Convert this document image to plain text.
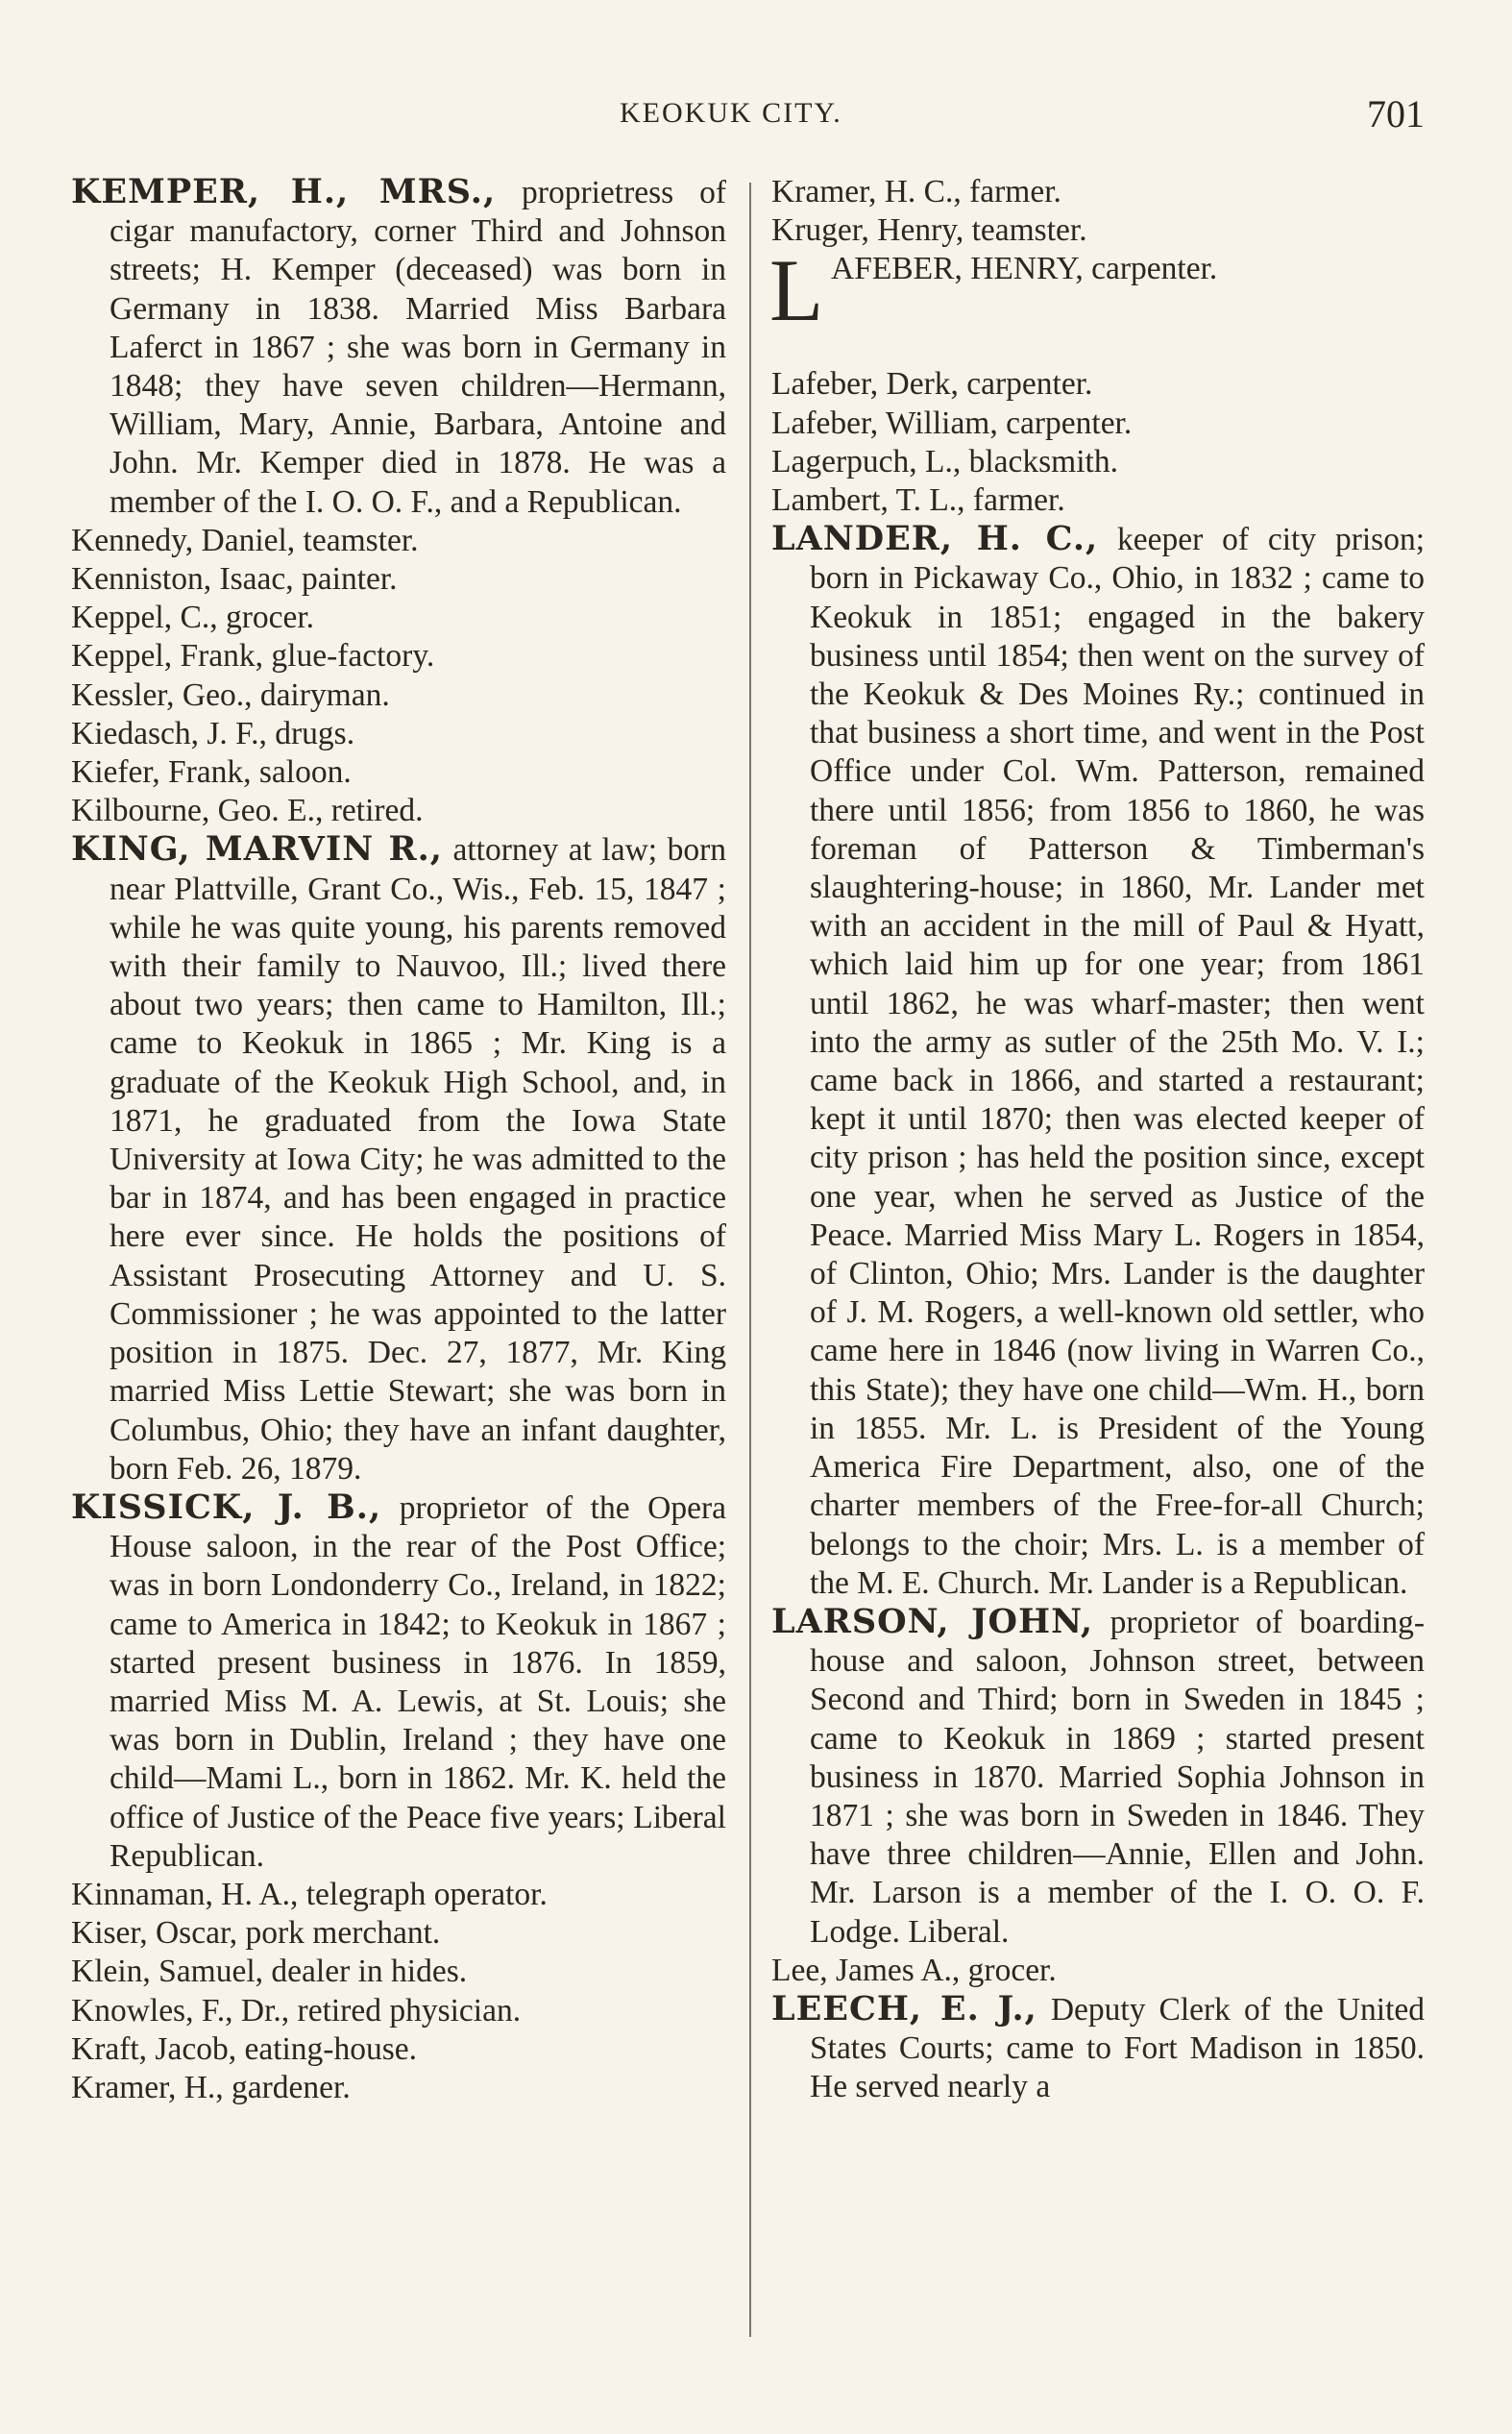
KEOKUK CITY.	701

KEMPER, H., MRS., proprietress of cigar manufactory, corner Third and Johnson streets; H. Kemper (deceased) was born in Germany in 1838. Married Miss Barbara Laferct in 1867 ; she was born in Germany in 1848; they have seven children—Hermann, William, Mary, Annie, Barbara, Antoine and John. Mr. Kemper died in 1878. He was a member of the I. O. O. F., and a Republican.

Kennedy, Daniel, teamster.

Kenniston, Isaac, painter.

Keppel, C., grocer.

Keppel, Frank, glue-factory.

Kessler, Geo., dairyman.

Kiedasch, J. F., drugs.

Kiefer, Frank, saloon.

Kilbourne, Geo. E., retired.

KING, MARVIN R., attorney at law; born near Plattville, Grant Co., Wis., Feb. 15, 1847 ; while he was quite young, his parents removed with their family to Nauvoo, Ill.; lived there about two years; then came to Hamilton, Ill.; came to Keokuk in 1865 ; Mr. King is a graduate of the Keokuk High School, and, in 1871, he graduated from the Iowa State University at Iowa City; he was admitted to the bar in 1874, and has been engaged in practice here ever since. He holds the positions of Assistant Prosecuting Attorney and U. S. Commissioner ; he was appointed to the latter position in 1875. Dec. 27, 1877, Mr. King married Miss Lettie Stewart; she was born in Columbus, Ohio; they have an infant daughter, born Feb. 26, 1879.

KISSICK, J. B., proprietor of the Opera House saloon, in the rear of the Post Office; was in born Londonderry Co., Ireland, in 1822; came to America in 1842; to Keokuk in 1867 ; started present business in 1876. In 1859, married Miss M. A. Lewis, at St. Louis; she was born in Dublin, Ireland ; they have one child—Mami L., born in 1862. Mr. K. held the office of Justice of the Peace five years; Liberal Republican.

Kinnaman, H. A., telegraph operator.

Kiser, Oscar, pork merchant.

Klein, Samuel, dealer in hides.

Knowles, F., Dr., retired physician.

Kraft, Jacob, eating-house.

Kramer, H., gardener.

Kramer, H. C., farmer.

Kruger, Henry, teamster.

L AFEBER, HENRY, carpenter.

Lafeber, Derk, carpenter.

Lafeber, William, carpenter.

Lagerpuch, L., blacksmith.

Lambert, T. L., farmer.

LANDER, H. C., keeper of city prison; born in Pickaway Co., Ohio, in 1832 ; came to Keokuk in 1851; engaged in the bakery business until 1854; then went on the survey of the Keokuk & Des Moines Ry.; continued in that business a short time, and went in the Post Office under Col. Wm. Patterson, remained there until 1856; from 1856 to 1860, he was foreman of Patterson & Timberman's slaughtering-house; in 1860, Mr. Lander met with an accident in the mill of Paul & Hyatt, which laid him up for one year; from 1861 until 1862, he was wharf-master; then went into the army as sutler of the 25th Mo. V. I.; came back in 1866, and started a restaurant; kept it until 1870; then was elected keeper of city prison ; has held the position since, except one year, when he served as Justice of the Peace. Married Miss Mary L. Rogers in 1854, of Clinton, Ohio; Mrs. Lander is the daughter of J. M. Rogers, a well-known old settler, who came here in 1846 (now living in Warren Co., this State); they have one child—Wm. H., born in 1855. Mr. L. is President of the Young America Fire Department, also, one of the charter members of the Free-for-all Church; belongs to the choir; Mrs. L. is a member of the M. E. Church. Mr. Lander is a Republican.

LARSON, JOHN, proprietor of boarding-house and saloon, Johnson street, between Second and Third; born in Sweden in 1845 ; came to Keokuk in 1869 ; started present business in 1870. Married Sophia Johnson in 1871 ; she was born in Sweden in 1846. They have three children—Annie, Ellen and John. Mr. Larson is a member of the I. O. O. F. Lodge. Liberal.

Lee, James A., grocer.

LEECH, E. J., Deputy Clerk of the United States Courts; came to Fort Madison in 1850. He served nearly a
